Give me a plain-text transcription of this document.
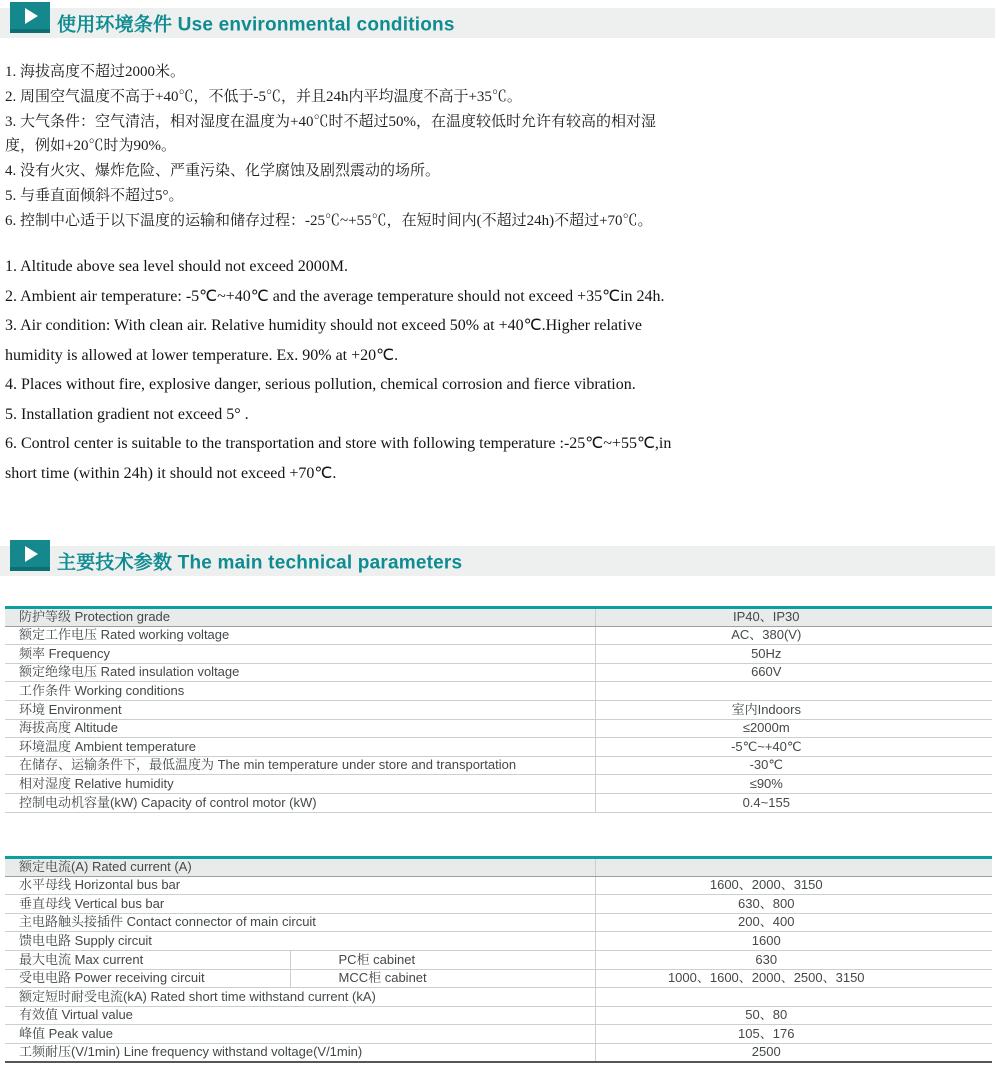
使用环境条件 Use environmental conditions

1. 海拔高度不超过2000米。

2. 周围空气温度不高于+40℃，不低于-5℃，并且24h内平均温度不高于+35℃。

3. 大气条件：空气清洁，相对湿度在温度为+40℃时不超过50%，在温度较低时允许有较高的相对湿度，例如+20℃时为90%。

4. 没有火灾、爆炸危险、严重污染、化学腐蚀及剧烈震动的场所。

5. 与垂直面倾斜不超过5°。

6. 控制中心适于以下温度的运输和储存过程：-25℃~+55℃，在短时间内(不超过24h)不超过+70℃。

1. Altitude above sea level should not exceed 2000M.

2. Ambient air temperature: -5℃~+40℃ and the average temperature should not exceed +35℃in 24h.

3. Air condition: With clean air. Relative humidity should not exceed 50% at +40℃.Higher relative humidity is allowed at lower temperature. Ex. 90% at +20℃.

4. Places without fire, explosive danger, serious pollution, chemical corrosion and fierce vibration.

5. Installation gradient not exceed 5° .

6. Control center is suitable to the transportation and store with following temperature :-25℃~+55℃,in short time (within 24h) it should not exceed +70℃.

主要技术参数 The main technical parameters
防护等级 Protection grade	IP40、IP30
额定工作电压 Rated working voltage	AC、380(V)
频率 Frequency	50Hz
额定绝缘电压 Rated insulation voltage	660V
工作条件 Working conditions	
环境 Environment	室内Indoors
海拔高度 Altitude	≤2000m
环境温度 Ambient temperature	-5℃~+40℃
在储存、运输条件下，最低温度为 The min temperature under store and transportation	-30℃
相对湿度 Relative humidity	≤90%
控制电动机容量(kW) Capacity of control motor (kW)	0.4~155
额定电流(A) Rated current (A)		
水平母线 Horizontal bus bar		1600、2000、3150
垂直母线 Vertical bus bar		630、800
主电路触头接插件 Contact connector of main circuit		200、400
馈电电路 Supply circuit		1600
最大电流 Max current	PC柜 cabinet	630
受电电路 Power receiving circuit	MCC柜 cabinet	1000、1600、2000、2500、3150
额定短时耐受电流(kA) Rated short time withstand current (kA)		
有效值 Virtual value		50、80
峰值 Peak value		105、176
工频耐压(V/1min) Line frequency withstand voltage(V/1min)		2500
